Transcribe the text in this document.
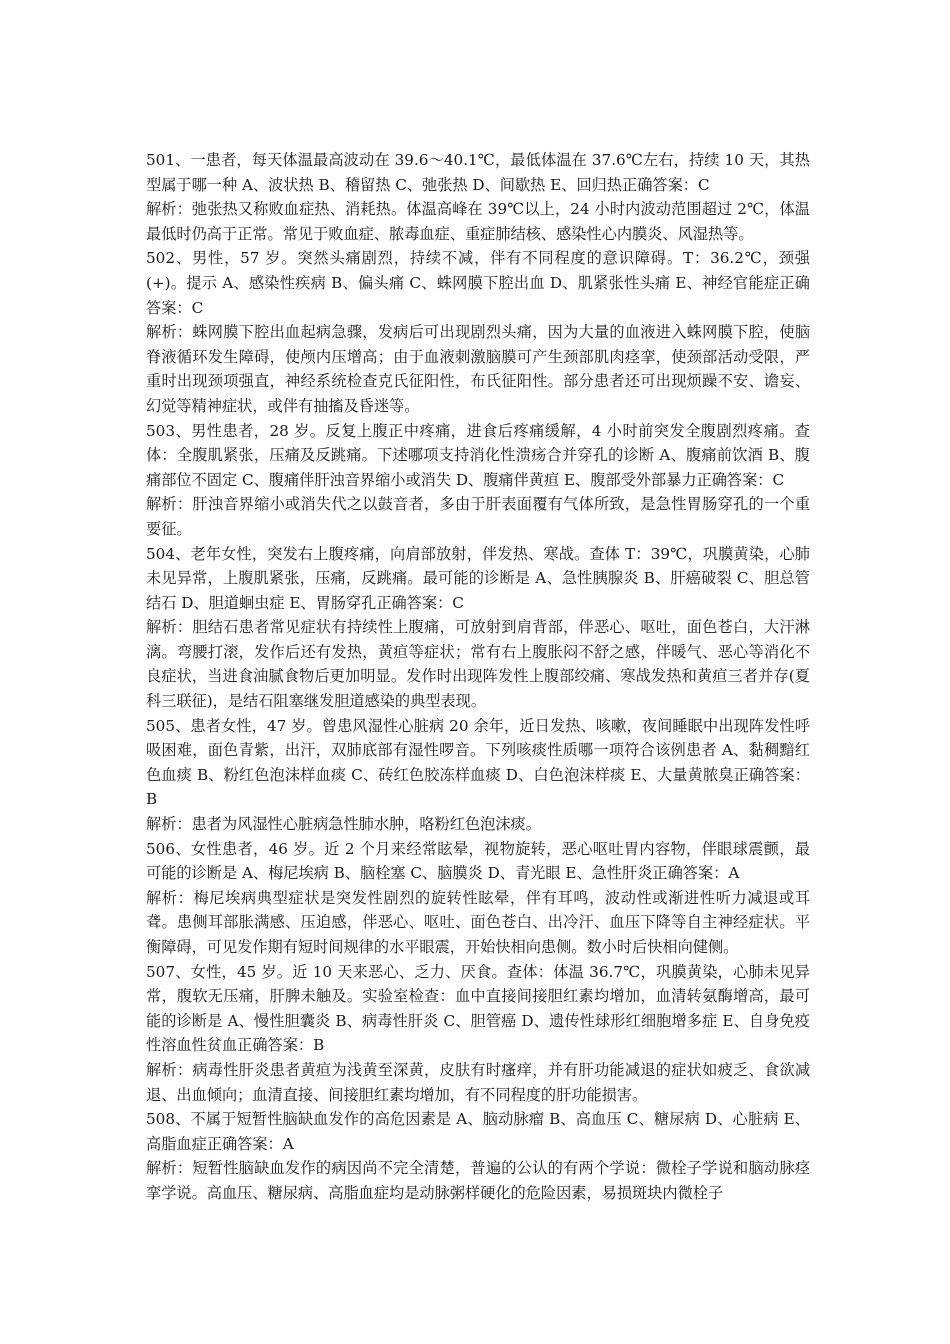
501、一患者，每天体温最高波动在 39.6～40.1℃，最低体温在 37.6℃左右，持续 10 天，其热型属于哪一种 A、波状热 B、稽留热 C、弛张热 D、间歇热 E、回归热正确答案：C

解析：弛张热又称败血症热、消耗热。体温高峰在 39℃以上，24 小时内波动范围超过 2℃，体温最低时仍高于正常。常见于败血症、脓毒血症、重症肺结核、感染性心内膜炎、风湿热等。

502、男性，57 岁。突然头痛剧烈，持续不减，伴有不同程度的意识障碍。T：36.2℃，颈强(+)。提示 A、感染性疾病 B、偏头痛 C、蛛网膜下腔出血 D、肌紧张性头痛 E、神经官能症正确答案：C

解析：蛛网膜下腔出血起病急骤，发病后可出现剧烈头痛，因为大量的血液进入蛛网膜下腔，使脑脊液循环发生障碍，使颅内压增高；由于血液刺激脑膜可产生颈部肌肉痉挛，使颈部活动受限，严重时出现颈项强直，神经系统检查克氏征阳性，布氏征阳性。部分患者还可出现烦躁不安、谵妄、幻觉等精神症状，或伴有抽搐及昏迷等。

503、男性患者，28 岁。反复上腹正中疼痛，进食后疼痛缓解，4 小时前突发全腹剧烈疼痛。查体：全腹肌紧张，压痛及反跳痛。下述哪项支持消化性溃疡合并穿孔的诊断 A、腹痛前饮酒 B、腹痛部位不固定 C、腹痛伴肝浊音界缩小或消失 D、腹痛伴黄疸 E、腹部受外部暴力正确答案：C

解析：肝浊音界缩小或消失代之以鼓音者，多由于肝表面覆有气体所致，是急性胃肠穿孔的一个重要征。

504、老年女性，突发右上腹疼痛，向肩部放射，伴发热、寒战。查体 T：39℃，巩膜黄染，心肺未见异常，上腹肌紧张，压痛，反跳痛。最可能的诊断是 A、急性胰腺炎 B、肝癌破裂 C、胆总管结石 D、胆道蛔虫症 E、胃肠穿孔正确答案：C

解析：胆结石患者常见症状有持续性上腹痛，可放射到肩背部，伴恶心、呕吐，面色苍白，大汗淋漓。弯腰打滚，发作后还有发热，黄疸等症状；常有右上腹胀闷不舒之感，伴暖气、恶心等消化不良症状，当进食油腻食物后更加明显。发作时出现阵发性上腹部绞痛、寒战发热和黄疸三者并存(夏科三联征)，是结石阻塞继发胆道感染的典型表现。

505、患者女性，47 岁。曾患风湿性心脏病 20 余年，近日发热、咳嗽，夜间睡眠中出现阵发性呼吸困难，面色青紫，出汗，双肺底部有湿性啰音。下列咳痰性质哪一项符合该例患者 A、黏稠黯红色血痰 B、粉红色泡沫样血痰 C、砖红色胶冻样血痰 D、白色泡沫样痰 E、大量黄脓臭正确答案：B

解析：患者为风湿性心脏病急性肺水肿，咯粉红色泡沫痰。

506、女性患者，46 岁。近 2 个月来经常眩晕，视物旋转，恶心呕吐胃内容物，伴眼球震颤，最可能的诊断是 A、梅尼埃病 B、脑栓塞 C、脑膜炎 D、青光眼 E、急性肝炎正确答案：A

解析：梅尼埃病典型症状是突发性剧烈的旋转性眩晕，伴有耳鸣，波动性或渐进性听力减退或耳聋。患侧耳部胀满感、压迫感，伴恶心、呕吐、面色苍白、出冷汗、血压下降等自主神经症状。平衡障碍，可见发作期有短时间规律的水平眼震，开始快相向患侧。数小时后快相向健侧。

507、女性，45 岁。近 10 天来恶心、乏力、厌食。查体：体温 36.7℃，巩膜黄染，心肺未见异常，腹软无压痛，肝脾未触及。实验室检查：血中直接间接胆红素均增加，血清转氨酶增高，最可能的诊断是 A、慢性胆囊炎 B、病毒性肝炎 C、胆管癌 D、遗传性球形红细胞增多症 E、自身免疫性溶血性贫血正确答案：B

解析：病毒性肝炎患者黄疸为浅黄至深黄，皮肤有时瘙痒，并有肝功能减退的症状如疲乏、食欲减退、出血倾向；血清直接、间接胆红素均增加，有不同程度的肝功能损害。

508、不属于短暂性脑缺血发作的高危因素是 A、脑动脉瘤 B、高血压 C、糖尿病 D、心脏病 E、高脂血症正确答案：A

解析：短暂性脑缺血发作的病因尚不完全清楚，普遍的公认的有两个学说：微栓子学说和脑动脉痉挛学说。高血压、糖尿病、高脂血症均是动脉粥样硬化的危险因素，易损斑块内微栓子
